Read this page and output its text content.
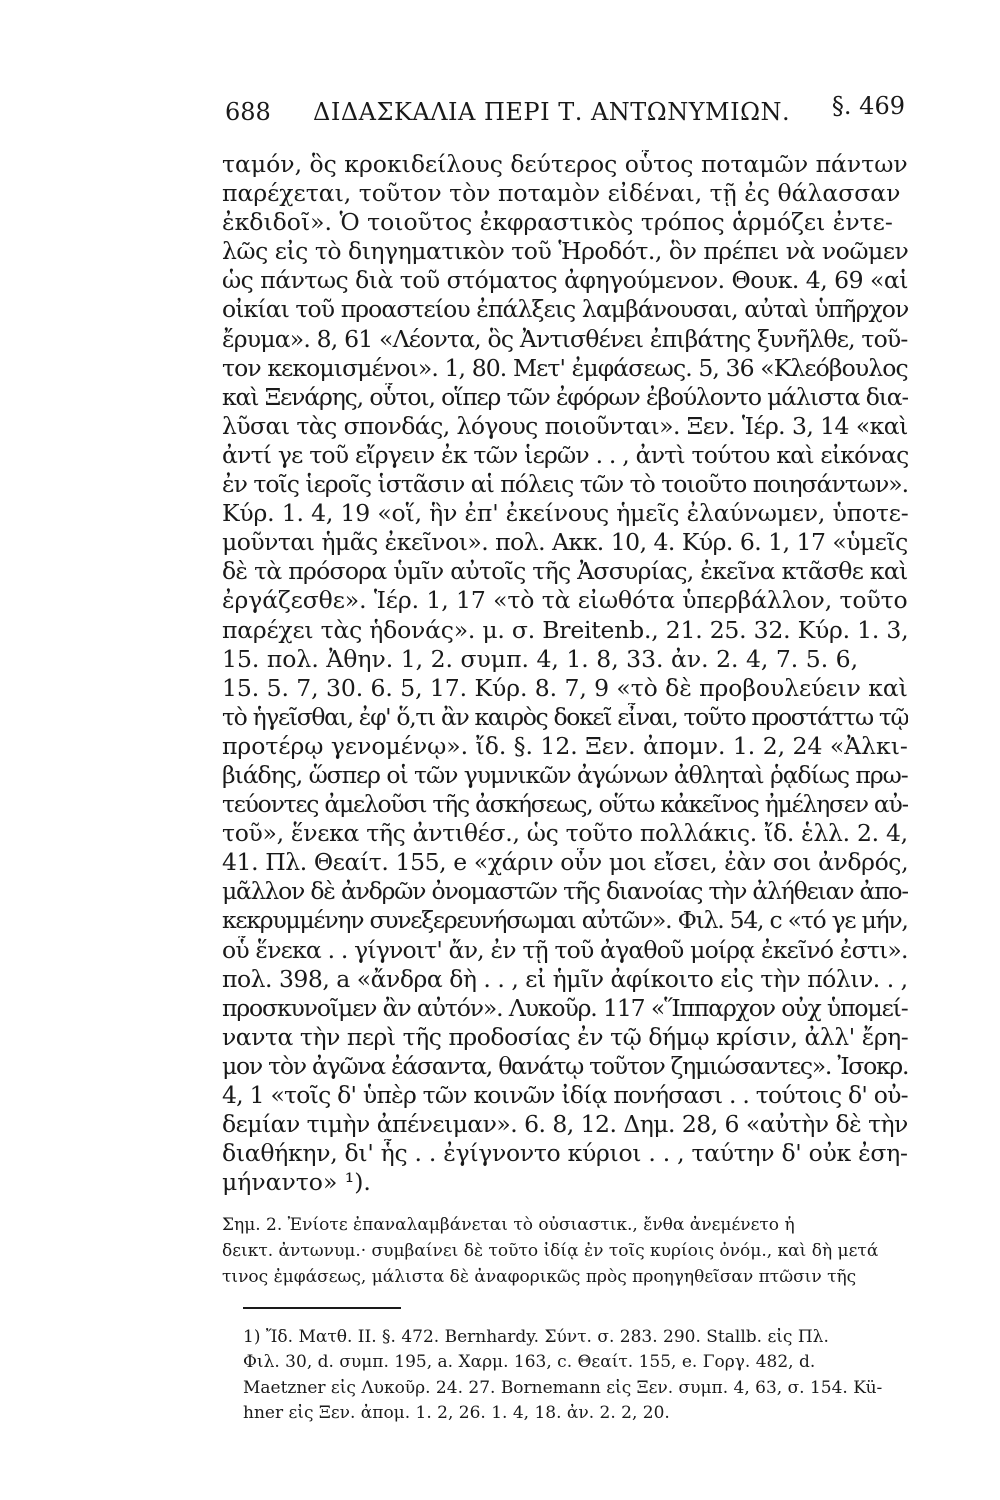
688 ΔΙΔΑΣΚΑΛΙΑ ΠΕΡΙ Τ. ΑΝΤΩΝΥΜΙΩΝ. §. 469
ταμόν, ὃς κροκιδείλους δεύτερος οὗτος ποταμῶν πάντων
παρέχεται, τοῦτον τὸν ποταμὸν εἰδέναι, τῇ ἐς θάλασσαν
ἐκδιδοῖ». Ὁ τοιοῦτος ἐκφραστικὸς τρόπος ἁρμόζει ἐντε-
λῶς εἰς τὸ διηγηματικὸν τοῦ Ἡροδότ., ὃν πρέπει νὰ νοῶμεν
ὡς πάντως διὰ τοῦ στόματος ἀφηγούμενον. Θουκ. 4, 69 «αἱ
οἰκίαι τοῦ προαστείου ἐπάλξεις λαμβάνουσαι, αὐταὶ ὑπῆρχον
ἔρυμα». 8, 61 «Λέοντα, ὃς Ἀντισθένει ἐπιβάτης ξυνῆλθε, τοῦ-
τον κεκομισμένοι». 1, 80. Μετ' ἐμφάσεως. 5, 36 «Κλεόβουλος
καὶ Ξενάρης, οὗτοι, οἵπερ τῶν ἐφόρων ἐβούλοντο μάλιστα δια-
λῦσαι τὰς σπονδάς, λόγους ποιοῦνται». Ξεν. Ἱέρ. 3, 14 «καὶ
ἀντί γε τοῦ εἴργειν ἐκ τῶν ἱερῶν . . , ἀντὶ τούτου καὶ εἰκόνας
ἐν τοῖς ἱεροῖς ἱστᾶσιν αἱ πόλεις τῶν τὸ τοιοῦτο ποιησάντων».
Κύρ. 1. 4, 19 «οἵ, ἣν ἐπ' ἐκείνους ἡμεῖς ἐλαύνωμεν, ὑποτε-
μοῦνται ἡμᾶς ἐκεῖνοι». πολ. Ακκ. 10, 4. Κύρ. 6. 1, 17 «ὑμεῖς
δὲ τὰ πρόσορα ὑμῖν αὐτοῖς τῆς Ἀσσυρίας, ἐκεῖνα κτᾶσθε καὶ
ἐργάζεσθε». Ἱέρ. 1, 17 «τὸ τὰ εἰωθότα ὑπερβάλλον, τοῦτο
παρέχει τὰς ἡδονάς». μ. σ. Breitenb., 21. 25. 32. Κύρ. 1. 3,
15. πολ. Ἀθην. 1, 2. συμπ. 4, 1. 8, 33. ἀν. 2. 4, 7. 5. 6,
15. 5. 7, 30. 6. 5, 17. Κύρ. 8. 7, 9 «τὸ δὲ προβουλεύειν καὶ
τὸ ἡγεῖσθαι, ἐφ' ὅ,τι ἂν καιρὸς δοκεῖ εἶναι, τοῦτο προστάττω τῷ
προτέρῳ γενομένῳ». ἴδ. §. 12. Ξεν. ἀπομν. 1. 2, 24 «Ἀλκι-
βιάδης, ὥσπερ οἱ τῶν γυμνικῶν ἀγώνων ἀθληταὶ ῥᾳδίως πρω-
τεύοντες ἀμελοῦσι τῆς ἀσκήσεως, οὕτω κἀκεῖνος ἠμέλησεν αὐ-
τοῦ», ἕνεκα τῆς ἀντιθέσ., ὡς τοῦτο πολλάκις. ἴδ. ἑλλ. 2. 4,
41. Πλ. Θεαίτ. 155, e «χάριν οὖν μοι εἴσει, ἐὰν σοι ἀνδρός,
μᾶλλον δὲ ἀνδρῶν ὀνομαστῶν τῆς διανοίας τὴν ἀλήθειαν ἀπο-
κεκρυμμένην συνεξερευνήσωμαι αὐτῶν». Φιλ. 54, c «τό γε μήν,
οὗ ἕνεκα . . γίγνοιτ' ἄν, ἐν τῇ τοῦ ἀγαθοῦ μοίρᾳ ἐκεῖνό ἐστι».
πολ. 398, a «ἄνδρα δὴ . . , εἰ ἡμῖν ἀφίκοιτο εἰς τὴν πόλιν. . ,
προσκυνοῖμεν ἂν αὐτόν». Λυκοῦρ. 117 «Ἵππαρχον οὐχ ὑπομεί-
ναντα τὴν περὶ τῆς προδοσίας ἐν τῷ δήμῳ κρίσιν, ἀλλ' ἔρη-
μον τὸν ἀγῶνα ἐάσαντα, θανάτῳ τοῦτον ζημιώσαντες». Ἰσοκρ.
4, 1 «τοῖς δ' ὑπὲρ τῶν κοινῶν ἰδίᾳ πονήσασι . . τούτοις δ' οὐ-
δεμίαν τιμὴν ἀπένειμαν». 6. 8, 12. Δημ. 28, 6 «αὐτὴν δὲ τὴν
διαθήκην, δι' ἧς . . ἐγίγνοντο κύριοι . . , ταύτην δ' οὐκ ἐση-
μήναντο» ¹).
Σημ. 2. Ἐνίοτε ἐπαναλαμβάνεται τὸ οὐσιαστικ., ἔνθα ἀνεμένετο ἡ
δεικτ. ἀντωνυμ.· συμβαίνει δὲ τοῦτο ἰδίᾳ ἐν τοῖς κυρίοις ὀνόμ., καὶ δὴ μετά
τινος ἐμφάσεως, μάλιστα δὲ ἀναφορικῶς πρὸς προηγηθεῖσαν πτῶσιν τῆς
1) Ἴδ. Ματθ. II. §. 472. Bernhardy. Σύντ. σ. 283. 290. Stallb. εἰς Πλ.
Φιλ. 30, d. συμπ. 195, a. Χαρμ. 163, c. Θεαίτ. 155, e. Γοργ. 482, d.
Maetzner εἰς Λυκοῦρ. 24. 27. Bornemann εἰς Ξεν. συμπ. 4, 63, σ. 154. Kü-
hner εἰς Ξεν. ἀπομ. 1. 2, 26. 1. 4, 18. ἀν. 2. 2, 20.
